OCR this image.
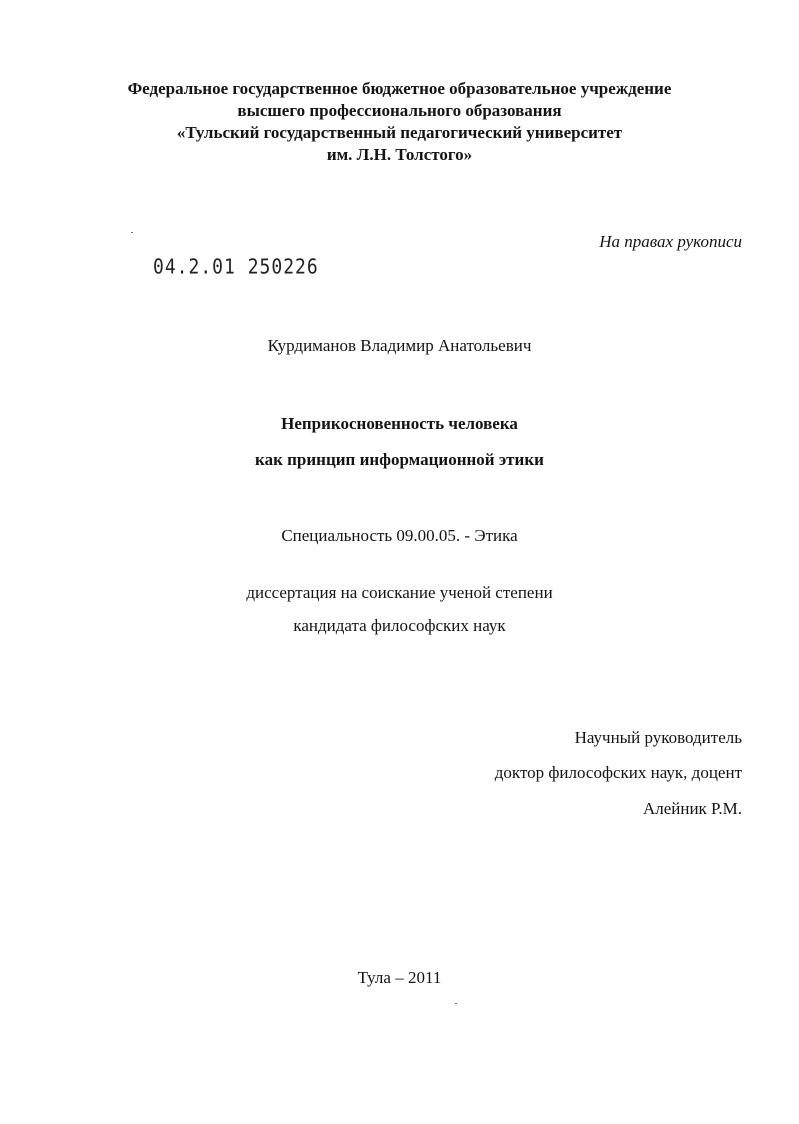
Федеральное государственное бюджетное образовательное учреждение
высшего профессионального образования
«Тульский государственный педагогический университет
им. Л.Н. Толстого»
На правах рукописи
04.2.01 250226
Курдиманов Владимир Анатольевич
Неприкосновенность человека
как принцип информационной этики
Специальность 09.00.05. - Этика
диссертация на соискание ученой степени
кандидата философских наук
Научный руководитель
доктор философских наук, доцент
Алейник Р.М.
Тула – 2011
